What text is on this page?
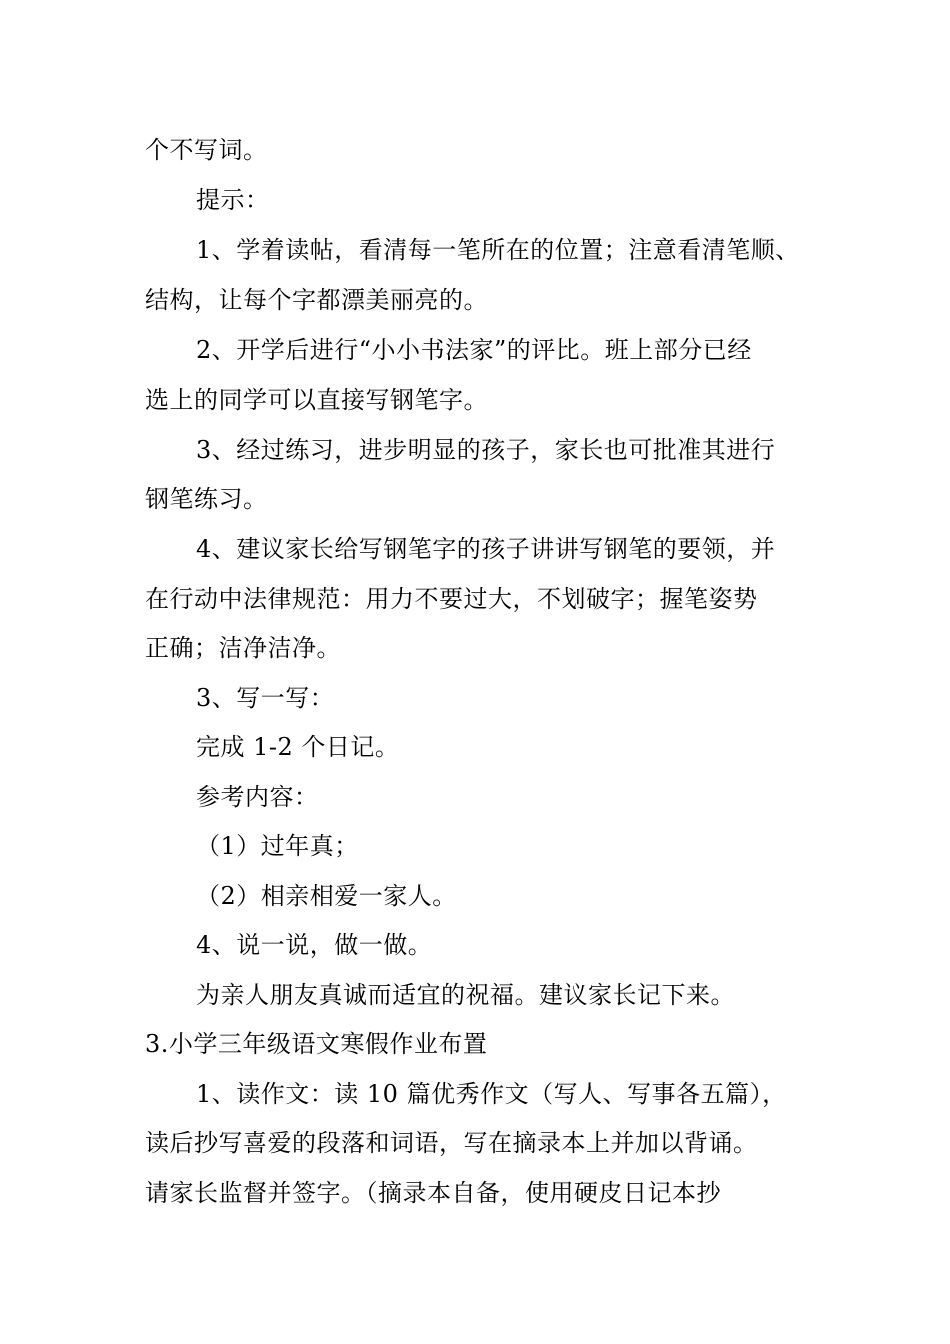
个不写词。
提示：
1、学着读帖，看清每一笔所在的位置；注意看清笔顺、
结构，让每个字都漂美丽亮的。
2、开学后进行“小小书法家”的评比。班上部分已经
选上的同学可以直接写钢笔字。
3、经过练习，进步明显的孩子，家长也可批准其进行
钢笔练习。
4、建议家长给写钢笔字的孩子讲讲写钢笔的要领，并
在行动中法律规范：用力不要过大，不划破字；握笔姿势
正确；洁净洁净。
3、写一写：
完成 1-2 个日记。
参考内容：
（1）过年真；
（2）相亲相爱一家人。
4、说一说，做一做。
为亲人朋友真诚而适宜的祝福。建议家长记下来。
3.小学三年级语文寒假作业布置
1、读作文：读 10 篇优秀作文（写人、写事各五篇），
读后抄写喜爱的段落和词语，写在摘录本上并加以背诵。
请家长监督并签字。（摘录本自备，使用硬皮日记本抄
